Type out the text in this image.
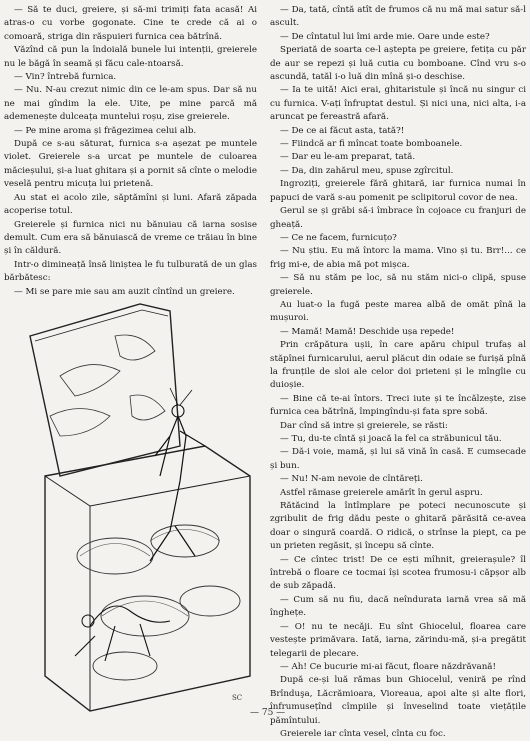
— Să te duci, greiere, și să-mi trimiți fata acasă! Ai atras-o cu vorbe gogonate. Cine te crede că ai o comoară, striga din răspuieri furnica cea bătrînă.

Văzînd că pun la îndoială bunele lui intenții, greierele nu le băgă în seamă și făcu cale-ntoarsă.

— Vin? întrebă furnica.

— Nu. N-au crezut nimic din ce le-am spus. Dar să nu ne mai gîndim la ele. Uite, pe mine parcă mă ademenește dulceața muntelui roșu, zise greierele.

— Pe mine aroma și frăgezimea celui alb.

După ce s-au săturat, furnica s-a așezat pe muntele violet. Greierele s-a urcat pe muntele de culoarea măcieșului, și-a luat ghitara și a pornit să cînte o melodie veselă pentru micuța lui prietenă.

Au stat ei acolo zile, săptămîni și luni. Afară zăpada acoperise totul.

Greierele și furnica nici nu bănuiau că iarna sosise demult. Cum era să bănuiască de vreme ce trăiau în bine și în căldură.

Intr-o dimineață însă liniștea le fu tulburată de un glas bărbătesc:

— Mi se pare mie sau am auzit cîntînd un greiere.

SC

— Da, tată, cîntă atît de frumos că nu mă mai satur să-l ascult.

— De cîntatul lui îmi arde mie. Oare unde este?

Speriată de soarta ce-l aștepta pe greiere, fetița cu păr de aur se repezi și luă cutia cu bomboane. Cînd vru s-o ascundă, tatăl i-o luă din mînă și-o deschise.

— Ia te uită! Aici erai, ghitaristule și încă nu singur ci cu furnica. V-ați înfruptat destul. Și nici una, nici alta, i-a aruncat pe fereastră afară.

— De ce ai făcut asta, tată?!

— Fiindcă ar fi mîncat toate bomboanele.

— Dar eu le-am preparat, tată.

— Da, din zahărul meu, spuse zgîrcitul.

Ingroziți, greierele fără ghitară, iar furnica numai în papuci de vară s-au pomenit pe sclipitorul covor de nea.

Gerul se și grăbi să-i îmbrace în cojoace cu franjuri de gheață.

— Ce ne facem, furnicuțo?

— Nu știu. Eu mă întorc la mama. Vino și tu. Brr!... ce frig mi-e, de abia mă pot mișca.

— Să nu stăm pe loc, să nu stăm nici-o clipă, spuse greierele.

Au luat-o la fugă peste marea albă de omăt pînă la mușuroi.

— Mamă! Mamă! Deschide ușa repede!

Prin crăpătura ușii, în care apăru chipul trufaș al stăpînei furnicarului, aerul plăcut din odaie se furișă pînă la frunțile de sloi ale celor doi prieteni și le mîngîie cu duioșie.

— Bine că te-ai întors. Treci iute și te încălzește, zise furnica cea bătrînă, împingîndu-și fata spre sobă.

Dar cînd să intre și greierele, se răsti:

— Tu, du-te cîntă și joacă la fel ca străbunicul tău.

— Dă-i voie, mamă, și lui să vină în casă. E cumsecade și bun.

— Nu! N-am nevoie de cîntăreți.

Astfel rămase greierele amărît în gerul aspru.

Rătăcind la întîmplare pe poteci necunoscute și zgribulit de frig dădu peste o ghitară părăsită ce-avea doar o singură coardă. O ridică, o strînse la piept, ca pe un prieten regăsit, și începu să cînte.

— Ce cîntec trist! De ce ești mîhnit, greierașule? îl întrebă o floare ce tocmai își scotea frumosu-i căpșor alb de sub zăpadă.

— Cum să nu fiu, dacă neîndurata iarnă vrea să mă înghețe.

— O! nu te necăji. Eu sînt Ghiocelul, floarea care vestește primăvara. Iată, iarna, zărindu-mă, și-a pregătit telegarii de plecare.

— Ah! Ce bucurie mi-ai făcut, floare năzdrăvană!

După ce-și luă rămas bun Ghiocelul, veniră pe rînd Brînduşa, Lăcrămioara, Vioreaua, apoi alte și alte flori, înfrumusețînd cîmpiile și înveselind toate viețățile pămîntului.

Greierele iar cînta vesel, cînta cu foc.

— 75 —
